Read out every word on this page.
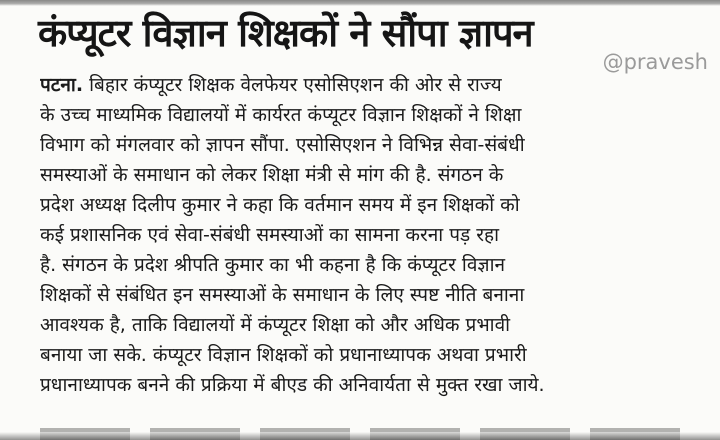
कंप्यूटर विज्ञान शिक्षकों ने सौंपा ज्ञापन
@pravesh
पटना. बिहार कंप्यूटर शिक्षक वेलफेयर एसोसिएशन की ओर से राज्य
के उच्च माध्यमिक विद्यालयों में कार्यरत कंप्यूटर विज्ञान शिक्षकों ने शिक्षा
विभाग को मंगलवार को ज्ञापन सौंपा. एसोसिएशन ने विभिन्न सेवा-संबंधी
समस्याओं के समाधान को लेकर शिक्षा मंत्री से मांग की है. संगठन के
प्रदेश अध्यक्ष दिलीप कुमार ने कहा कि वर्तमान समय में इन शिक्षकों को
कई प्रशासनिक एवं सेवा-संबंधी समस्याओं का सामना करना पड़ रहा
है. संगठन के प्रदेश श्रीपति कुमार का भी कहना है कि कंप्यूटर विज्ञान
शिक्षकों से संबंधित इन समस्याओं के समाधान के लिए स्पष्ट नीति बनाना
आवश्यक है, ताकि विद्यालयों में कंप्यूटर शिक्षा को और अधिक प्रभावी
बनाया जा सके. कंप्यूटर विज्ञान शिक्षकों को प्रधानाध्यापक अथवा प्रभारी
प्रधानाध्यापक बनने की प्रक्रिया में बीएड की अनिवार्यता से मुक्त रखा जाये.
